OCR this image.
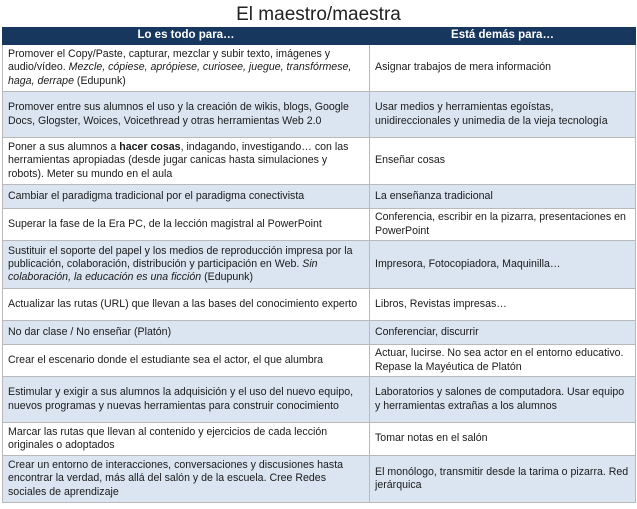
El maestro/maestra
Lo es todo para…	Está demás para…
Promover el Copy/Paste, capturar, mezclar y subir texto, imágenes y audio/vídeo. Mezcle, cópiese, aprópiese, curiosee, juegue, transfórmese, haga, derrape (Edupunk)	Asignar trabajos de mera información
Promover entre sus alumnos el uso y la creación de wikis, blogs, Google Docs, Glogster, Woices, Voicethread y otras herramientas Web 2.0	Usar medios y herramientas egoístas, unidireccionales y unimedia de la vieja tecnología
Poner a sus alumnos a hacer cosas, indagando, investigando… con las herramientas apropiadas (desde jugar canicas hasta simulaciones y robots). Meter su mundo en el aula	Enseñar cosas
Cambiar el paradigma tradicional por el paradigma conectivista	La enseñanza tradicional
Superar la fase de la Era PC, de la lección magistral al PowerPoint	Conferencia, escribir en la pizarra, presentaciones en PowerPoint
Sustituir el soporte del papel y los medios de reproducción impresa por la publicación, colaboración, distribución y participación en Web. Sin colaboración, la educación es una ficción (Edupunk)	Impresora, Fotocopiadora, Maquinilla…
Actualizar las rutas (URL) que llevan a las bases del conocimiento experto	Libros, Revistas impresas…
No dar clase / No enseñar (Platón)	Conferenciar, discurrir
Crear el escenario donde el estudiante sea el actor, el que alumbra	Actuar, lucirse. No sea actor en el entorno educativo. Repase la Mayéutica de Platón
Estimular y exigir a sus alumnos la adquisición y el uso del nuevo equipo, nuevos programas y nuevas herramientas para construir conocimiento	Laboratorios y salones de computadora. Usar equipo y herramientas extrañas a los alumnos
Marcar las rutas que llevan al contenido y ejercicios de cada lección originales o adoptados	Tomar notas en el salón
Crear un entorno de interacciones, conversaciones y discusiones hasta encontrar la verdad, más allá del salón y de la escuela. Cree Redes sociales de aprendizaje	El monólogo, transmitir desde la tarima o pizarra. Red jerárquica
